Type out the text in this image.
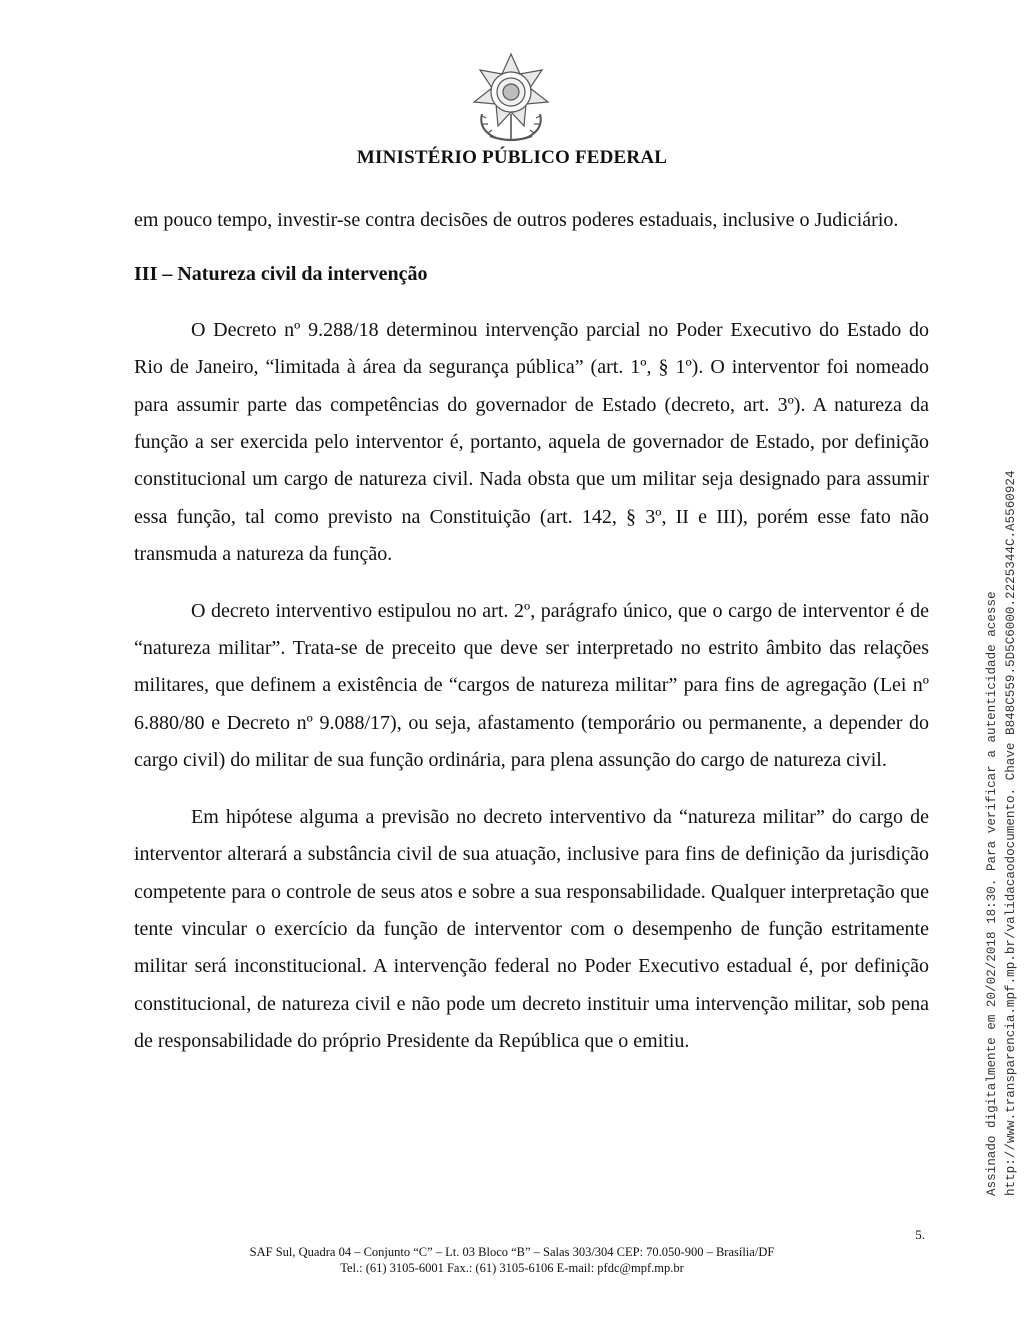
MINISTÉRIO PÚBLICO FEDERAL

em pouco tempo, investir-se contra decisões de outros poderes estaduais, inclusive o Judiciário.

III – Natureza civil da intervenção

O Decreto nº 9.288/18 determinou intervenção parcial no Poder Executivo do Estado do Rio de Janeiro, “limitada à área da segurança pública” (art. 1º, § 1º). O interventor foi nomeado para assumir parte das competências do governador de Estado (decreto, art. 3º). A natureza da função a ser exercida pelo interventor é, portanto, aquela de governador de Estado, por definição constitucional um cargo de natureza civil. Nada obsta que um militar seja designado para assumir essa função, tal como previsto na Constituição (art. 142, § 3º, II e III), porém esse fato não transmuda a natureza da função.

O decreto interventivo estipulou no art. 2º, parágrafo único, que o cargo de interventor é de “natureza militar”. Trata-se de preceito que deve ser interpretado no estrito âmbito das relações militares, que definem a existência de “cargos de natureza militar” para fins de agregação (Lei nº 6.880/80 e Decreto nº 9.088/17), ou seja, afastamento (temporário ou permanente, a depender do cargo civil) do militar de sua função ordinária, para plena assunção do cargo de natureza civil.

Em hipótese alguma a previsão no decreto interventivo da “natureza militar” do cargo de interventor alterará a substância civil de sua atuação, inclusive para fins de definição da jurisdição competente para o controle de seus atos e sobre a sua responsabilidade. Qualquer interpretação que tente vincular o exercício da função de interventor com o desempenho de função estritamente militar será inconstitucional. A intervenção federal no Poder Executivo estadual é, por definição constitucional, de natureza civil e não pode um decreto instituir uma intervenção militar, sob pena de responsabilidade do próprio Presidente da República que o emitiu.

5.
SAF Sul, Quadra 04 – Conjunto “C” – Lt. 03 Bloco “B” – Salas 303/304 CEP: 70.050-900 – Brasília/DF
Tel.: (61) 3105-6001 Fax.: (61) 3105-6106 E-mail: pfdc@mpf.mp.br
Assinado digitalmente em 20/02/2018 18:30. Para verificar a autenticidade acesse http://www.transparencia.mpf.mp.br/validacaodocumento. Chave B848C559.5D5C6000.2225344C.A5560924
